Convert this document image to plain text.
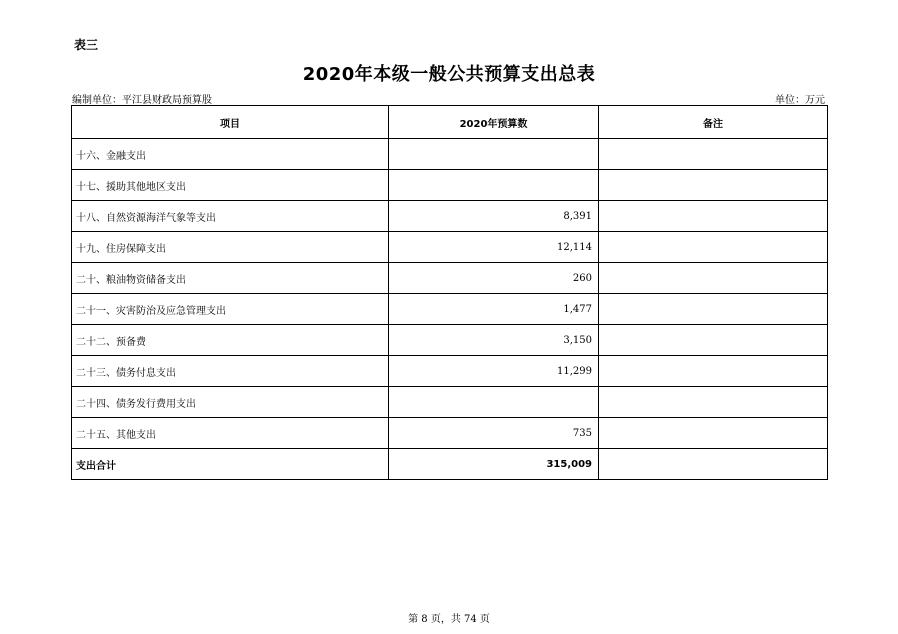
表三
2020年本级一般公共预算支出总表
编制单位：平江县财政局预算股	单位：万元
项目	2020年预算数	备注
十六、金融支出		
十七、援助其他地区支出		
十八、自然资源海洋气象等支出	8,391	
十九、住房保障支出	12,114	
二十、粮油物资储备支出	260	
二十一、灾害防治及应急管理支出	1,477	
二十二、预备费	3,150	
二十三、债务付息支出	11,299	
二十四、债务发行费用支出		
二十五、其他支出	735	
支出合计	315,009	
第 8 页，共 74 页
